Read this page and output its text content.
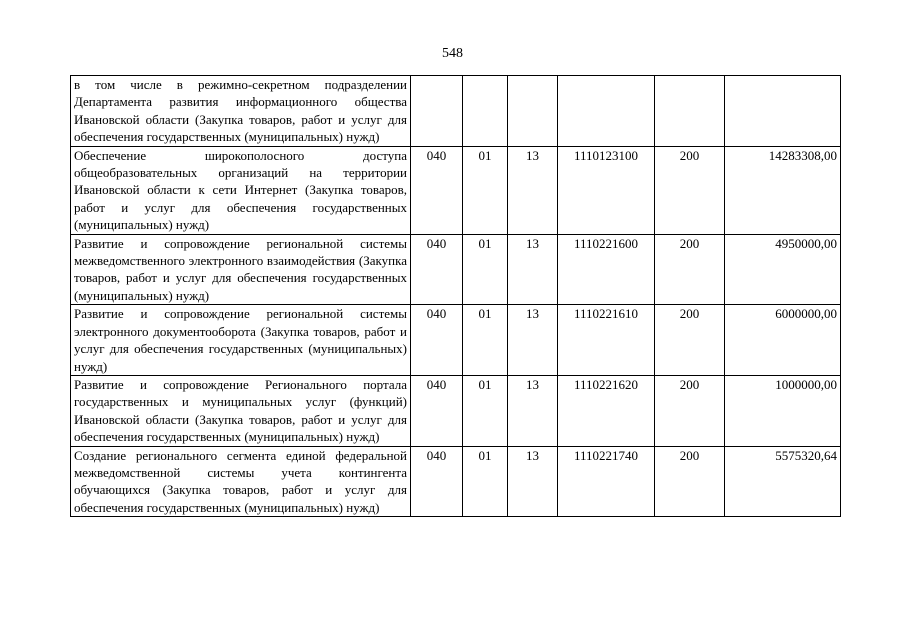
548
в том числе в режимно-секретном подразделении Департамента развития информационного общества Ивановской области (Закупка товаров, работ и услуг для обеспечения государственных (муниципальных) нужд)						
Обеспечение широкополосного доступа общеобразовательных организаций на территории Ивановской области к сети Интернет (Закупка товаров, работ и услуг для обеспечения государственных (муниципальных) нужд)	040	01	13	1110123100	200	14283308,00
Развитие и сопровождение региональной системы межведомственного электронного взаимодействия (Закупка товаров, работ и услуг для обеспечения государственных (муниципальных) нужд)	040	01	13	1110221600	200	4950000,00
Развитие и сопровождение региональной системы электронного документооборота (Закупка товаров, работ и услуг для обеспечения государственных (муниципальных) нужд)	040	01	13	1110221610	200	6000000,00
Развитие и сопровождение Регионального портала государственных и муниципальных услуг (функций) Ивановской области (Закупка товаров, работ и услуг для обеспечения государственных (муниципальных) нужд)	040	01	13	1110221620	200	1000000,00
Создание регионального сегмента единой федеральной межведомственной системы учета контингента обучающихся (Закупка товаров, работ и услуг для обеспечения государственных (муниципальных) нужд)	040	01	13	1110221740	200	5575320,64
